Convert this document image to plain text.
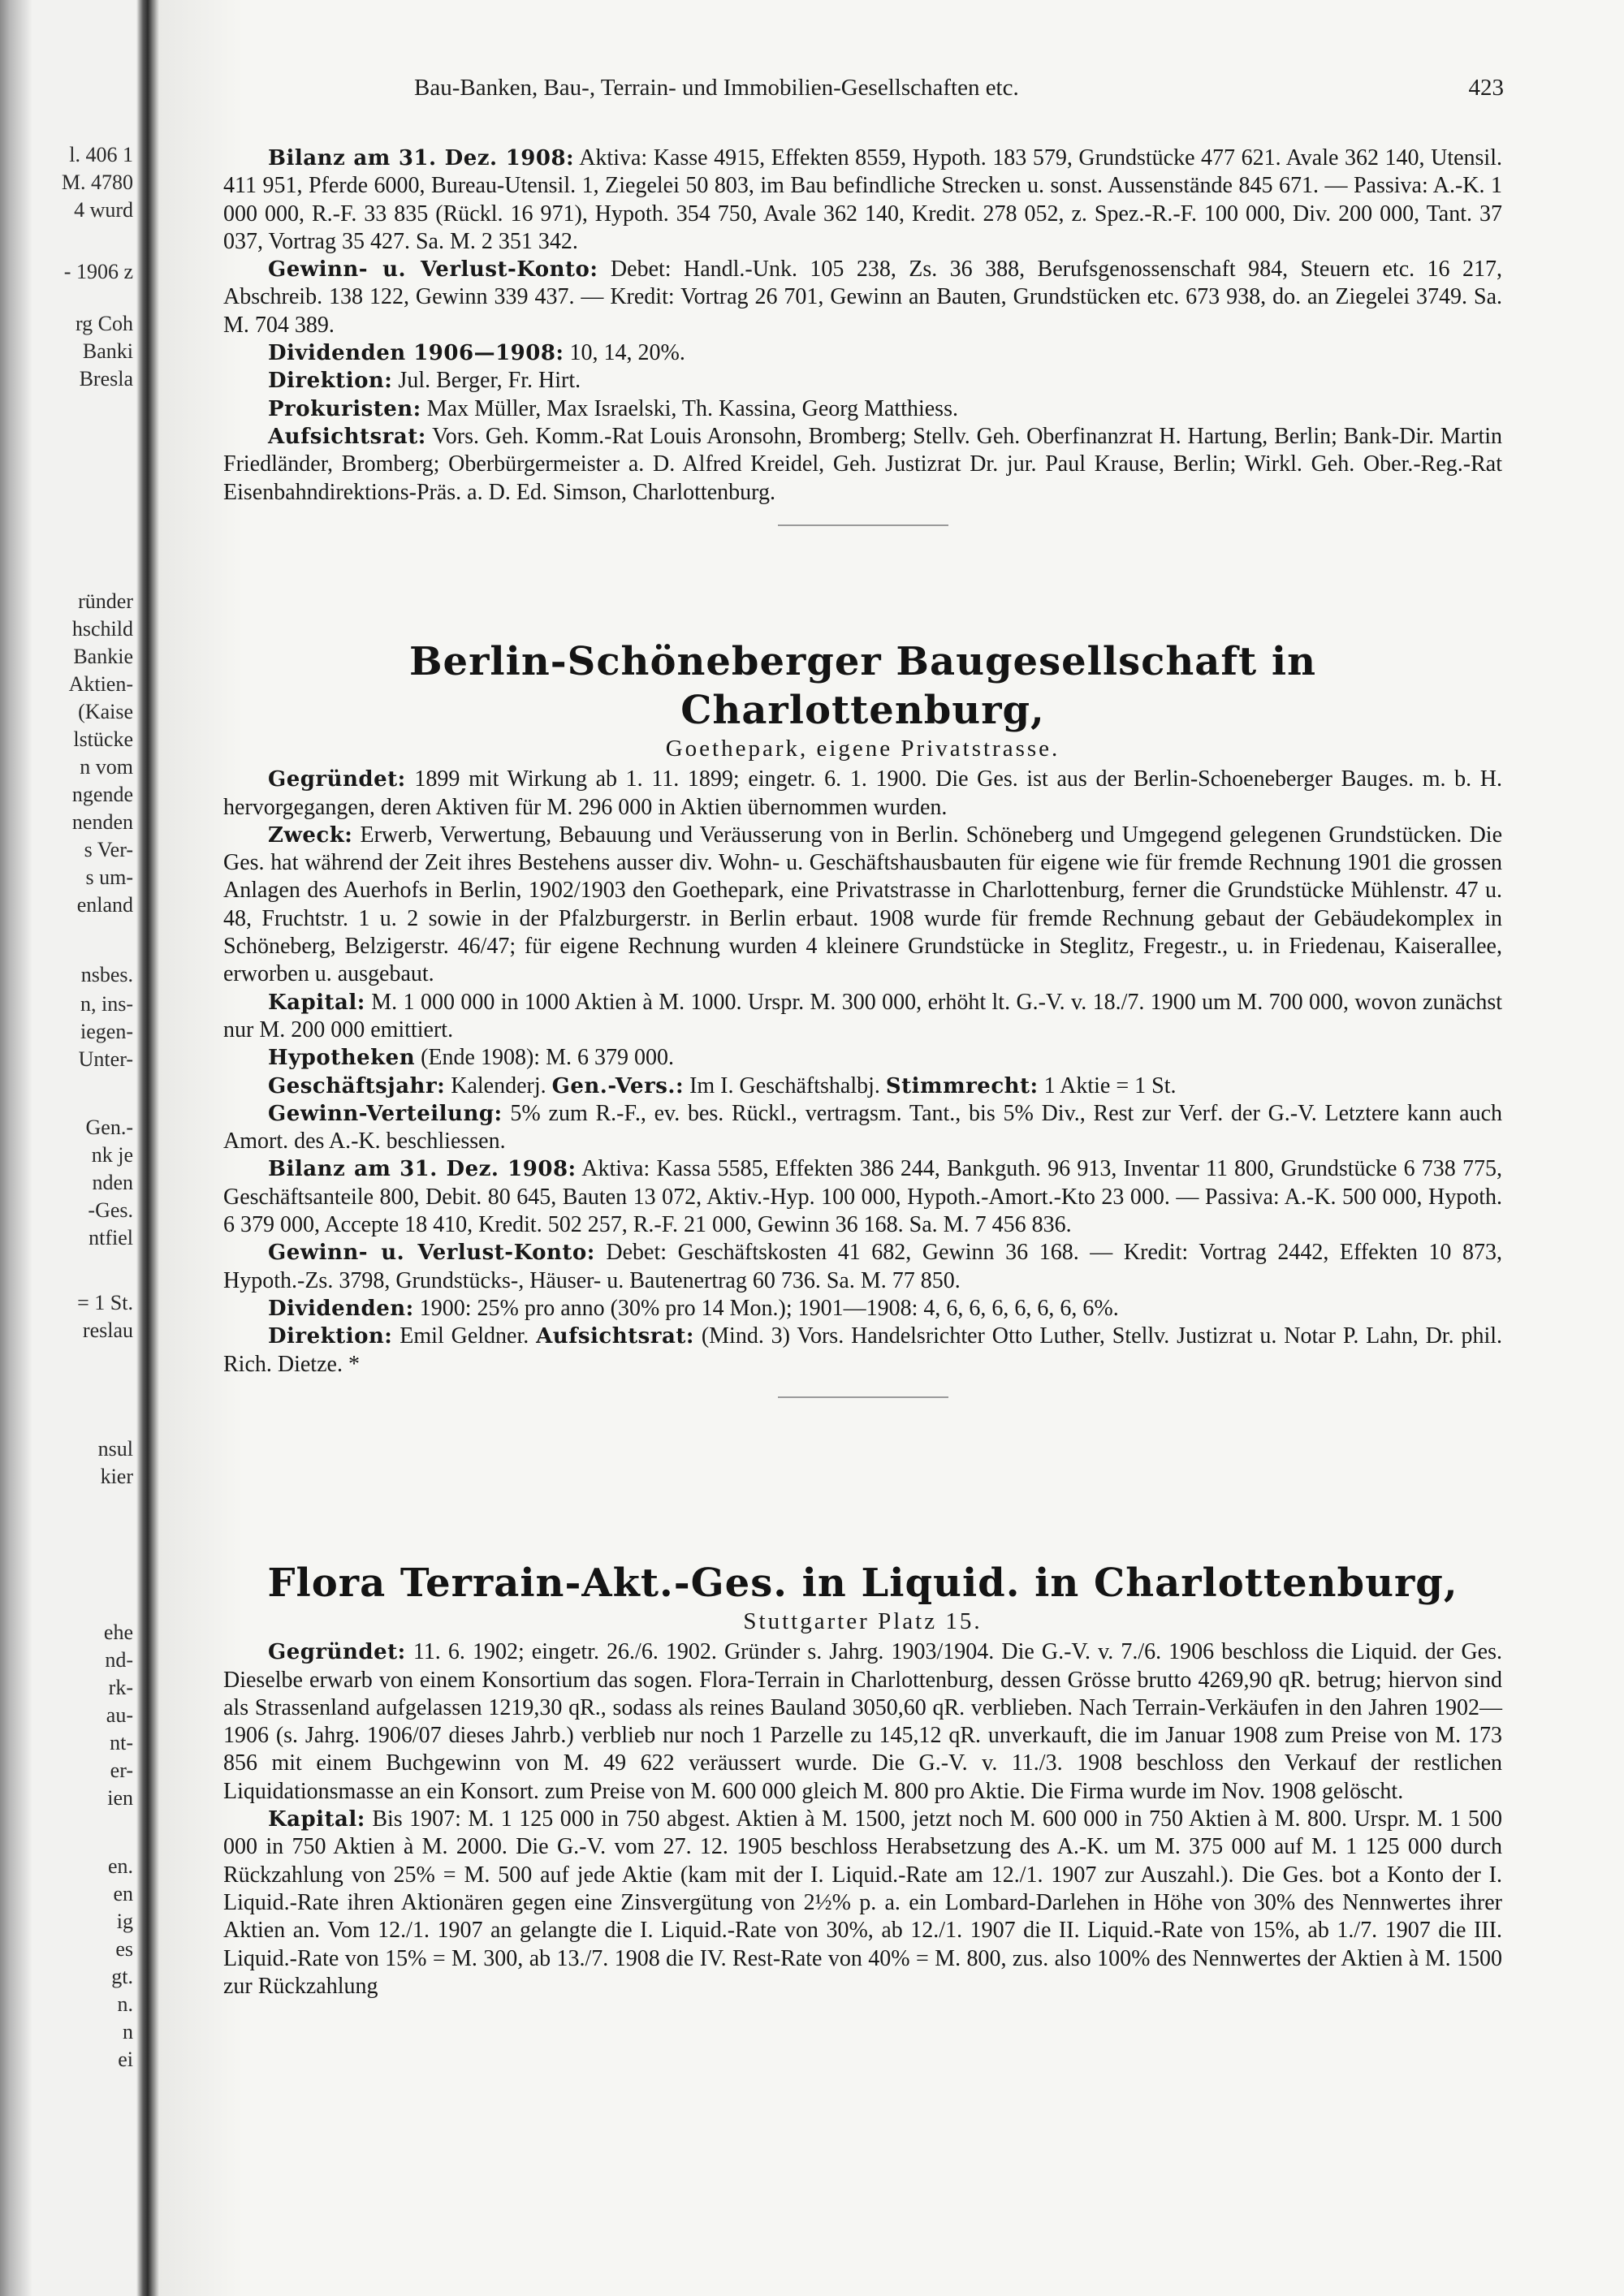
l. 406 1

M. 4780

4 wurd

- 1906 z

rg Coh

Banki

Bresla

ründer

hschild

Bankie

Aktien-

(Kaise

lstücke

n vom

ngende

nenden

s Ver-

s um-

enland

nsbes.

n, ins-

iegen-

Unter-

Gen.-

nk je

nden

-Ges.

ntfiel

= 1 St.

reslau

nsul

kier

ehe

nd-

rk-

au-

nt-

er-

ien

en.

en

ig

es

gt.

n.

n

ei

Bau-Banken, Bau-, Terrain- und Immobilien-Gesellschaften etc.	423

Bilanz am 31. Dez. 1908: Aktiva: Kasse 4915, Effekten 8559, Hypoth. 183 579, Grundstücke 477 621. Avale 362 140, Utensil. 411 951, Pferde 6000, Bureau-Utensil. 1, Ziegelei 50 803, im Bau befindliche Strecken u. sonst. Aussenstände 845 671. — Passiva: A.-K. 1 000 000, R.-F. 33 835 (Rückl. 16 971), Hypoth. 354 750, Avale 362 140, Kredit. 278 052, z. Spez.-R.-F. 100 000, Div. 200 000, Tant. 37 037, Vortrag 35 427. Sa. M. 2 351 342.

Gewinn- u. Verlust-Konto: Debet: Handl.-Unk. 105 238, Zs. 36 388, Berufsgenossenschaft 984, Steuern etc. 16 217, Abschreib. 138 122, Gewinn 339 437. — Kredit: Vortrag 26 701, Gewinn an Bauten, Grundstücken etc. 673 938, do. an Ziegelei 3749. Sa. M. 704 389.

Dividenden 1906—1908: 10, 14, 20%.

Direktion: Jul. Berger, Fr. Hirt.

Prokuristen: Max Müller, Max Israelski, Th. Kassina, Georg Matthiess.

Aufsichtsrat: Vors. Geh. Komm.-Rat Louis Aronsohn, Bromberg; Stellv. Geh. Oberfinanzrat H. Hartung, Berlin; Bank-Dir. Martin Friedländer, Bromberg; Oberbürgermeister a. D. Alfred Kreidel, Geh. Justizrat Dr. jur. Paul Krause, Berlin; Wirkl. Geh. Ober.-Reg.-Rat Eisenbahndirektions-Präs. a. D. Ed. Simson, Charlottenburg.

Berlin-Schöneberger Baugesellschaft in Charlottenburg,

Goethepark, eigene Privatstrasse.

Gegründet: 1899 mit Wirkung ab 1. 11. 1899; eingetr. 6. 1. 1900. Die Ges. ist aus der Berlin-Schoeneberger Bauges. m. b. H. hervorgegangen, deren Aktiven für M. 296 000 in Aktien übernommen wurden.

Zweck: Erwerb, Verwertung, Bebauung und Veräusserung von in Berlin. Schöneberg und Umgegend gelegenen Grundstücken. Die Ges. hat während der Zeit ihres Bestehens ausser div. Wohn- u. Geschäftshausbauten für eigene wie für fremde Rechnung 1901 die grossen Anlagen des Auerhofs in Berlin, 1902/1903 den Goethepark, eine Privatstrasse in Charlottenburg, ferner die Grundstücke Mühlenstr. 47 u. 48, Fruchtstr. 1 u. 2 sowie in der Pfalzburgerstr. in Berlin erbaut. 1908 wurde für fremde Rechnung gebaut der Gebäudekomplex in Schöneberg, Belzigerstr. 46/47; für eigene Rechnung wurden 4 kleinere Grundstücke in Steglitz, Fregestr., u. in Friedenau, Kaiserallee, erworben u. ausgebaut.

Kapital: M. 1 000 000 in 1000 Aktien à M. 1000. Urspr. M. 300 000, erhöht lt. G.-V. v. 18./7. 1900 um M. 700 000, wovon zunächst nur M. 200 000 emittiert.

Hypotheken (Ende 1908): M. 6 379 000.

Geschäftsjahr: Kalenderj. Gen.-Vers.: Im I. Geschäftshalbj. Stimmrecht: 1 Aktie = 1 St.

Gewinn-Verteilung: 5% zum R.-F., ev. bes. Rückl., vertragsm. Tant., bis 5% Div., Rest zur Verf. der G.-V. Letztere kann auch Amort. des A.-K. beschliessen.

Bilanz am 31. Dez. 1908: Aktiva: Kassa 5585, Effekten 386 244, Bankguth. 96 913, Inventar 11 800, Grundstücke 6 738 775, Geschäftsanteile 800, Debit. 80 645, Bauten 13 072, Aktiv.-Hyp. 100 000, Hypoth.-Amort.-Kto 23 000. — Passiva: A.-K. 500 000, Hypoth. 6 379 000, Accepte 18 410, Kredit. 502 257, R.-F. 21 000, Gewinn 36 168. Sa. M. 7 456 836.

Gewinn- u. Verlust-Konto: Debet: Geschäftskosten 41 682, Gewinn 36 168. — Kredit: Vortrag 2442, Effekten 10 873, Hypoth.-Zs. 3798, Grundstücks-, Häuser- u. Bautenertrag 60 736. Sa. M. 77 850.

Dividenden: 1900: 25% pro anno (30% pro 14 Mon.); 1901—1908: 4, 6, 6, 6, 6, 6, 6, 6%.

Direktion: Emil Geldner. Aufsichtsrat: (Mind. 3) Vors. Handelsrichter Otto Luther, Stellv. Justizrat u. Notar P. Lahn, Dr. phil. Rich. Dietze. *

Flora Terrain-Akt.-Ges. in Liquid. in Charlottenburg,

Stuttgarter Platz 15.

Gegründet: 11. 6. 1902; eingetr. 26./6. 1902. Gründer s. Jahrg. 1903/1904. Die G.-V. v. 7./6. 1906 beschloss die Liquid. der Ges. Dieselbe erwarb von einem Konsortium das sogen. Flora-Terrain in Charlottenburg, dessen Grösse brutto 4269,90 qR. betrug; hiervon sind als Strassenland aufgelassen 1219,30 qR., sodass als reines Bauland 3050,60 qR. verblieben. Nach Terrain-Verkäufen in den Jahren 1902—1906 (s. Jahrg. 1906/07 dieses Jahrb.) verblieb nur noch 1 Parzelle zu 145,12 qR. unverkauft, die im Januar 1908 zum Preise von M. 173 856 mit einem Buchgewinn von M. 49 622 veräussert wurde. Die G.-V. v. 11./3. 1908 beschloss den Verkauf der restlichen Liquidationsmasse an ein Konsort. zum Preise von M. 600 000 gleich M. 800 pro Aktie. Die Firma wurde im Nov. 1908 gelöscht.

Kapital: Bis 1907: M. 1 125 000 in 750 abgest. Aktien à M. 1500, jetzt noch M. 600 000 in 750 Aktien à M. 800. Urspr. M. 1 500 000 in 750 Aktien à M. 2000. Die G.-V. vom 27. 12. 1905 beschloss Herabsetzung des A.-K. um M. 375 000 auf M. 1 125 000 durch Rückzahlung von 25% = M. 500 auf jede Aktie (kam mit der I. Liquid.-Rate am 12./1. 1907 zur Auszahl.). Die Ges. bot a Konto der I. Liquid.-Rate ihren Aktionären gegen eine Zinsvergütung von 2½% p. a. ein Lombard-Darlehen in Höhe von 30% des Nennwertes ihrer Aktien an. Vom 12./1. 1907 an gelangte die I. Liquid.-Rate von 30%, ab 12./1. 1907 die II. Liquid.-Rate von 15%, ab 1./7. 1907 die III. Liquid.-Rate von 15% = M. 300, ab 13./7. 1908 die IV. Rest-Rate von 40% = M. 800, zus. also 100% des Nennwertes der Aktien à M. 1500 zur Rückzahlung
